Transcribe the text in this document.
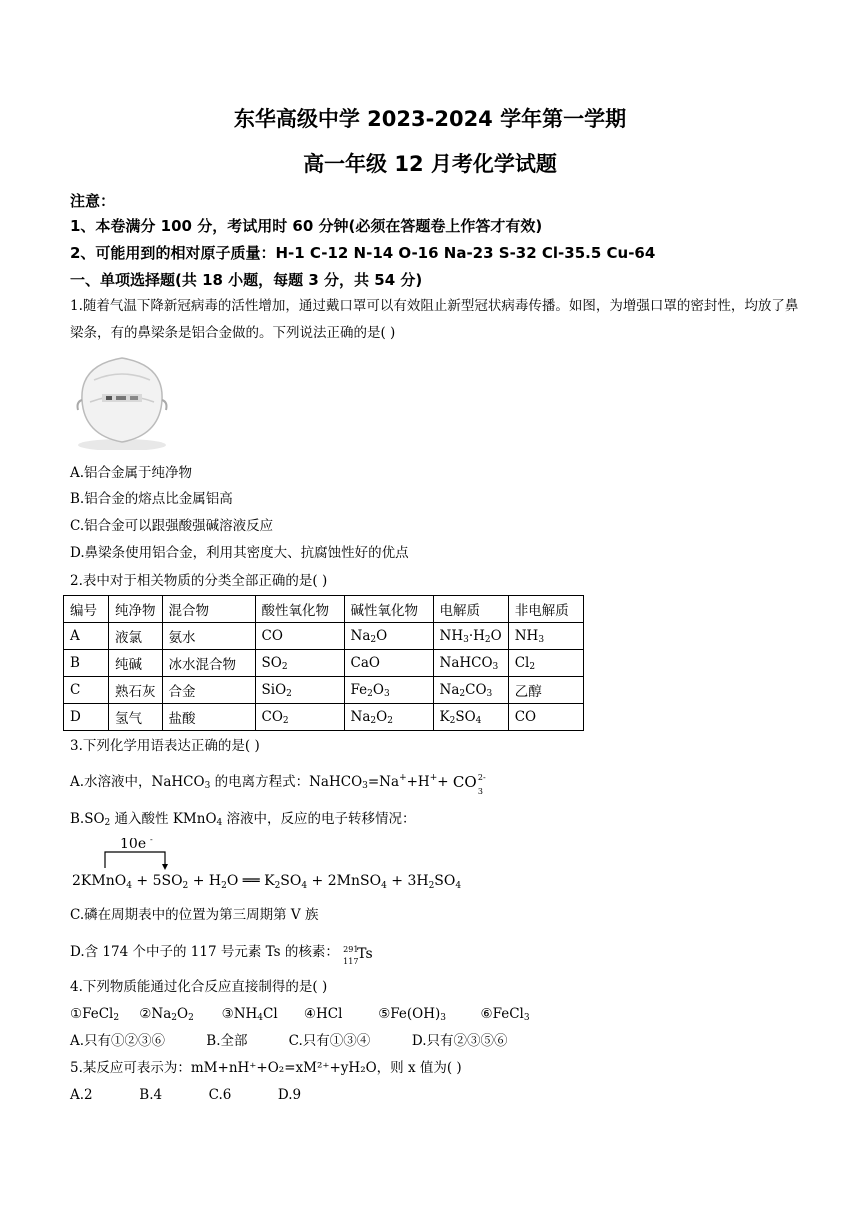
东华高级中学 2023-2024 学年第一学期
高一年级 12 月考化学试题
注意：
1、本卷满分 100 分，考试用时 60 分钟(必须在答题卷上作答才有效)
2、可能用到的相对原子质量：H-1 C-12 N-14 O-16 Na-23 S-32 Cl-35.5 Cu-64
一、单项选择题(共 18 小题，每题 3 分，共 54 分)
1.随着气温下降新冠病毒的活性增加，通过戴口罩可以有效阻止新型冠状病毒传播。如图，为增强口罩的密封性，均放了鼻梁条，有的鼻梁条是铝合金做的。下列说法正确的是( )
A.铝合金属于纯净物
B.铝合金的熔点比金属铝高
C.铝合金可以跟强酸强碱溶液反应
D.鼻梁条使用铝合金，利用其密度大、抗腐蚀性好的优点
2.表中对于相关物质的分类全部正确的是( )
编号	纯净物	混合物	酸性氧化物	碱性氧化物	电解质	非电解质
A	液氯	氨水	CO	$Na_2O$	$NH_3\cdot H_2O$	$NH_3$
B	纯碱	冰水混合物	$SO_2$	CaO	NaHCO$_3$	$Cl_2$
C	熟石灰	合金	SiO$_2$	$Fe_2O_3$	$Na_2CO_3$	乙醇
D	氢气	盐酸	$CO_2$	$Na_2O_2$	$K_2SO_4$	CO
3.下列化学用语表达正确的是( )
A.水溶液中，NaHCO$_3$ 的电离方程式：NaHCO$_3$=Na++H++ CO 2-
3
$B.SO_2$ 通入酸性 KMnO$_4$ 溶液中，反应的电子转移情况：
10e -
2KMnO$_4$ + $5SO_2 + H_2O$ ══ $K_2SO_4$ + 2MnSO$_4$ + $3H_2SO_4$
C.磷在周期表中的位置为第三周期第 V 族
D.含 174 个中子的 117 号元素 Ts 的核素： 291
117
Ts
4.下列物质能通过化合反应直接制得的是( )
①FeCl$_2$ $②Na_2O_2$ $③NH_4Cl$ ④HCl	$⑤Fe(OH)_3$	⑥FeCl$_3$
A.只有①②③⑥	B.全部	C.只有①③④	D.只有②③⑤⑥
5.某反应可表示为：mM+nH⁺+O₂=xM²⁺+yH₂O，则 x 值为( )
A.2	B.4	C.6	D.9
